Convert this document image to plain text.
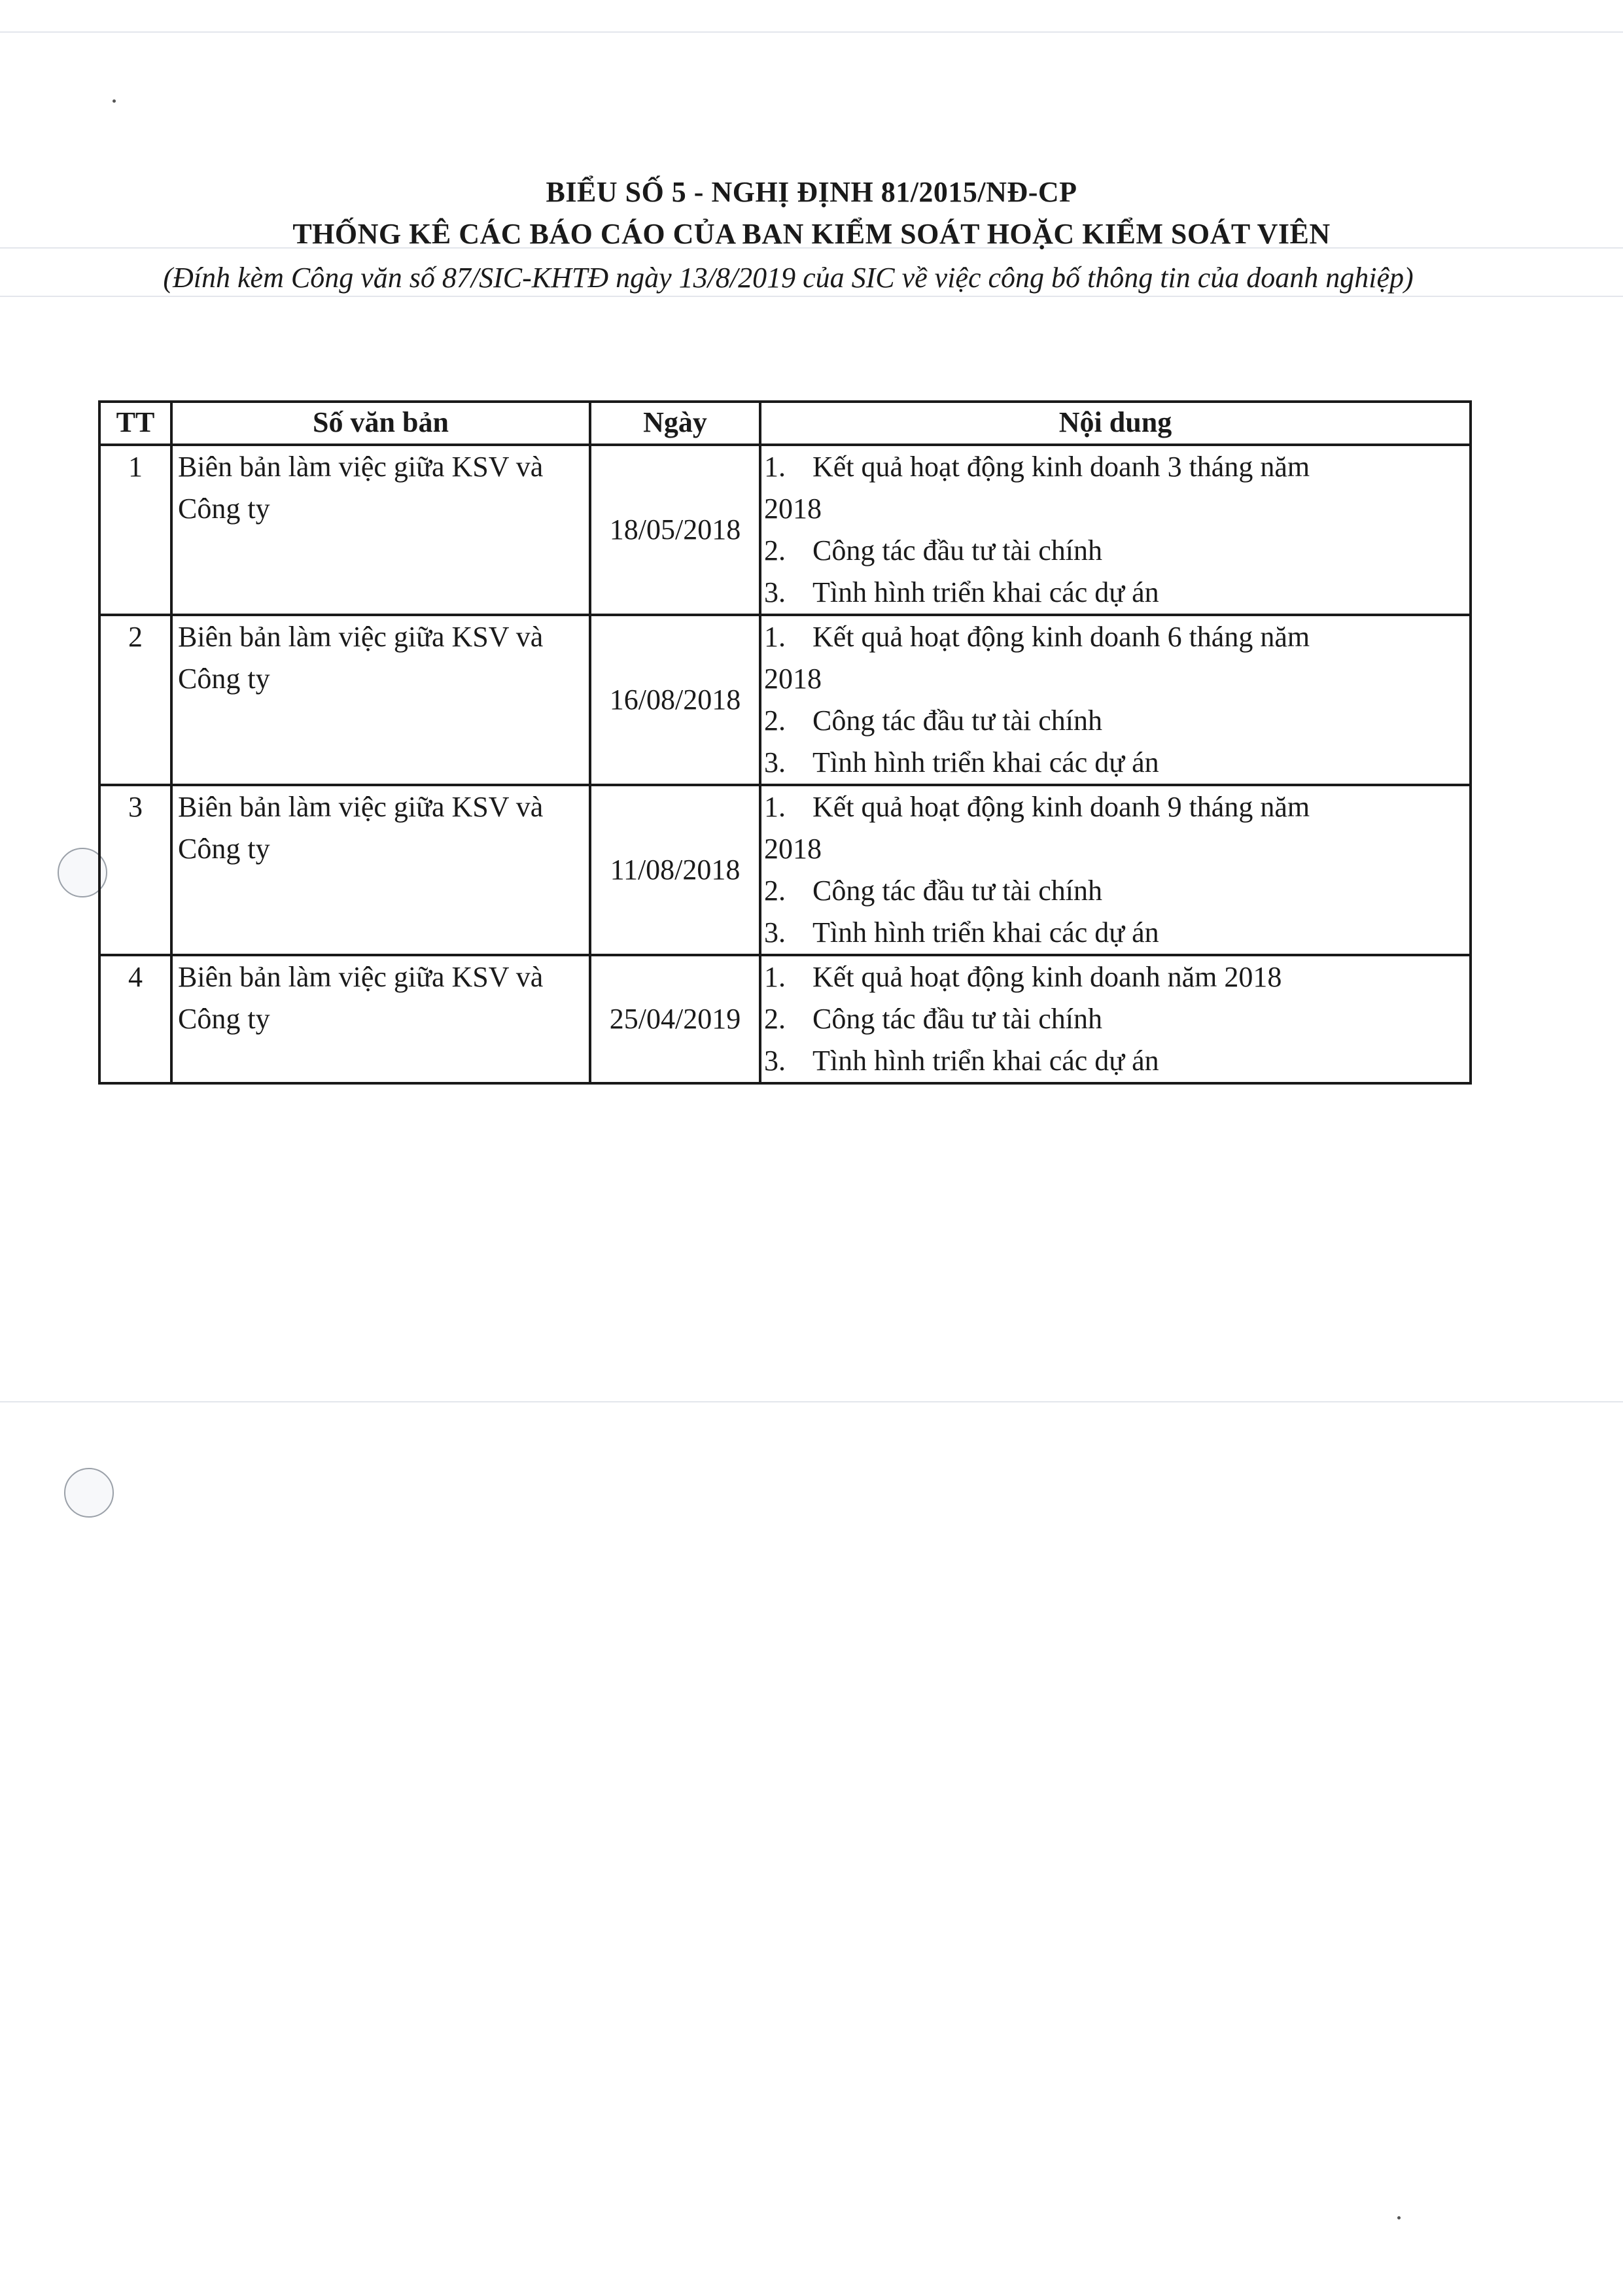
BIỂU SỐ 5 - NGHỊ ĐỊNH 81/2015/NĐ-CP
THỐNG KÊ CÁC BÁO CÁO CỦA BAN KIỂM SOÁT HOẶC KIỂM SOÁT VIÊN
(Đính kèm Công văn số 87/SIC-KHTĐ ngày 13/8/2019 của SIC về việc công bố thông tin của doanh nghiệp)
TT	Số văn bản	Ngày	Nội dung
1	Biên bản làm việc giữa KSV và Công ty	18/05/2018	1. Kết quả hoạt động kinh doanh 3 tháng năm
2018
2. Công tác đầu tư tài chính
3. Tình hình triển khai các dự án

2	Biên bản làm việc giữa KSV và Công ty	16/08/2018	1. Kết quả hoạt động kinh doanh 6 tháng năm
2018
2. Công tác đầu tư tài chính
3. Tình hình triển khai các dự án

3	Biên bản làm việc giữa KSV và Công ty	11/08/2018	1. Kết quả hoạt động kinh doanh 9 tháng năm
2018
2. Công tác đầu tư tài chính
3. Tình hình triển khai các dự án

4	Biên bản làm việc giữa KSV và Công ty	25/04/2019	1. Kết quả hoạt động kinh doanh năm 2018
2. Công tác đầu tư tài chính
3. Tình hình triển khai các dự án
